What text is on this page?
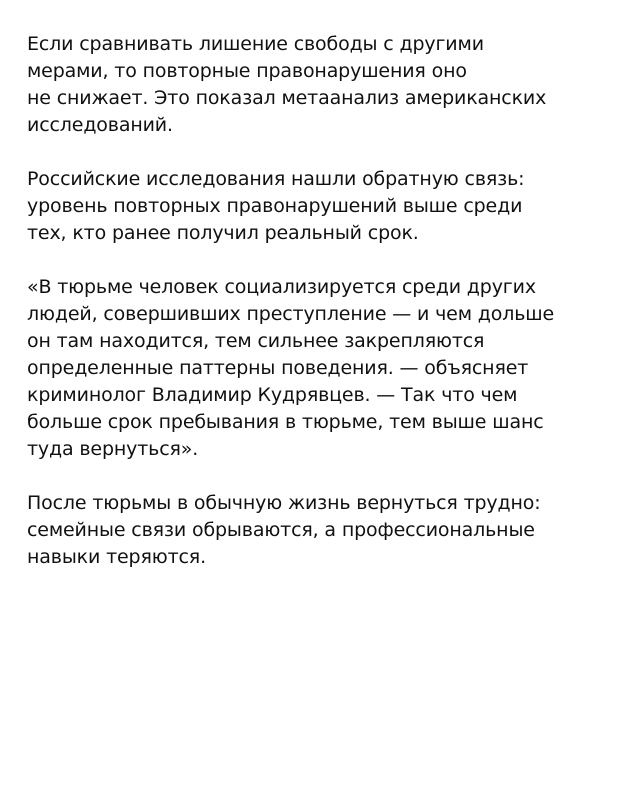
Если сравнивать лишение свободы с другими
мерами, то повторные правонарушения оно
не снижает. Это показал метаанализ американских
исследований.

Российские исследования нашли обратную связь:
уровень повторных правонарушений выше среди
тех, кто ранее получил реальный срок.

«В тюрьме человек социализируется среди других
людей, совершивших преступление — и чем дольше
он там находится, тем сильнее закрепляются
определенные паттерны поведения. — объясняет
криминолог Владимир Кудрявцев. — Так что чем
больше срок пребывания в тюрьме, тем выше шанс
туда вернуться».

После тюрьмы в обычную жизнь вернуться трудно:
семейные связи обрываются, а профессиональные
навыки теряются.
